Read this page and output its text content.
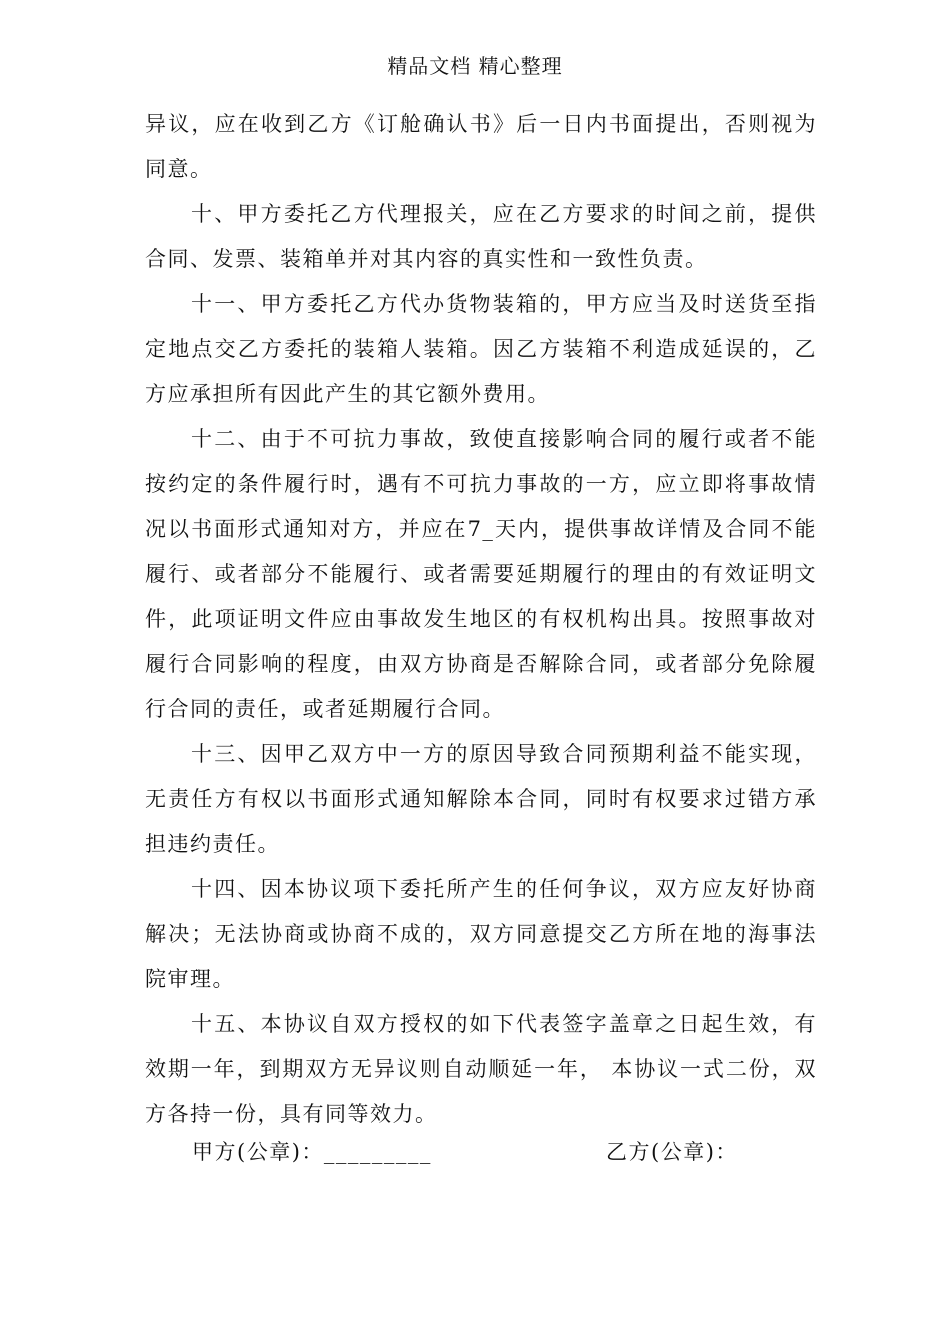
精品文档 精心整理

异议，应在收到乙方《订舱确认书》后一日内书面提出，否则视为同意。

十、甲方委托乙方代理报关，应在乙方要求的时间之前，提供合同、发票、装箱单并对其内容的真实性和一致性负责。

十一、甲方委托乙方代办货物装箱的，甲方应当及时送货至指定地点交乙方委托的装箱人装箱。因乙方装箱不利造成延误的，乙方应承担所有因此产生的其它额外费用。

十二、由于不可抗力事故，致使直接影响合同的履行或者不能按约定的条件履行时，遇有不可抗力事故的一方，应立即将事故情况以书面形式通知对方，并应在7_天内，提供事故详情及合同不能履行、或者部分不能履行、或者需要延期履行的理由的有效证明文件，此项证明文件应由事故发生地区的有权机构出具。按照事故对履行合同影响的程度，由双方协商是否解除合同，或者部分免除履行合同的责任，或者延期履行合同。

十三、因甲乙双方中一方的原因导致合同预期利益不能实现，无责任方有权以书面形式通知解除本合同，同时有权要求过错方承担违约责任。

十四、因本协议项下委托所产生的任何争议，双方应友好协商解决；无法协商或协商不成的，双方同意提交乙方所在地的海事法院审理。

十五、本协议自双方授权的如下代表签字盖章之日起生效，有效期一年，到期双方无异议则自动顺延一年， 本协议一式二份，双方各持一份，具有同等效力。

甲方(公章)：_________	乙方(公章)：
